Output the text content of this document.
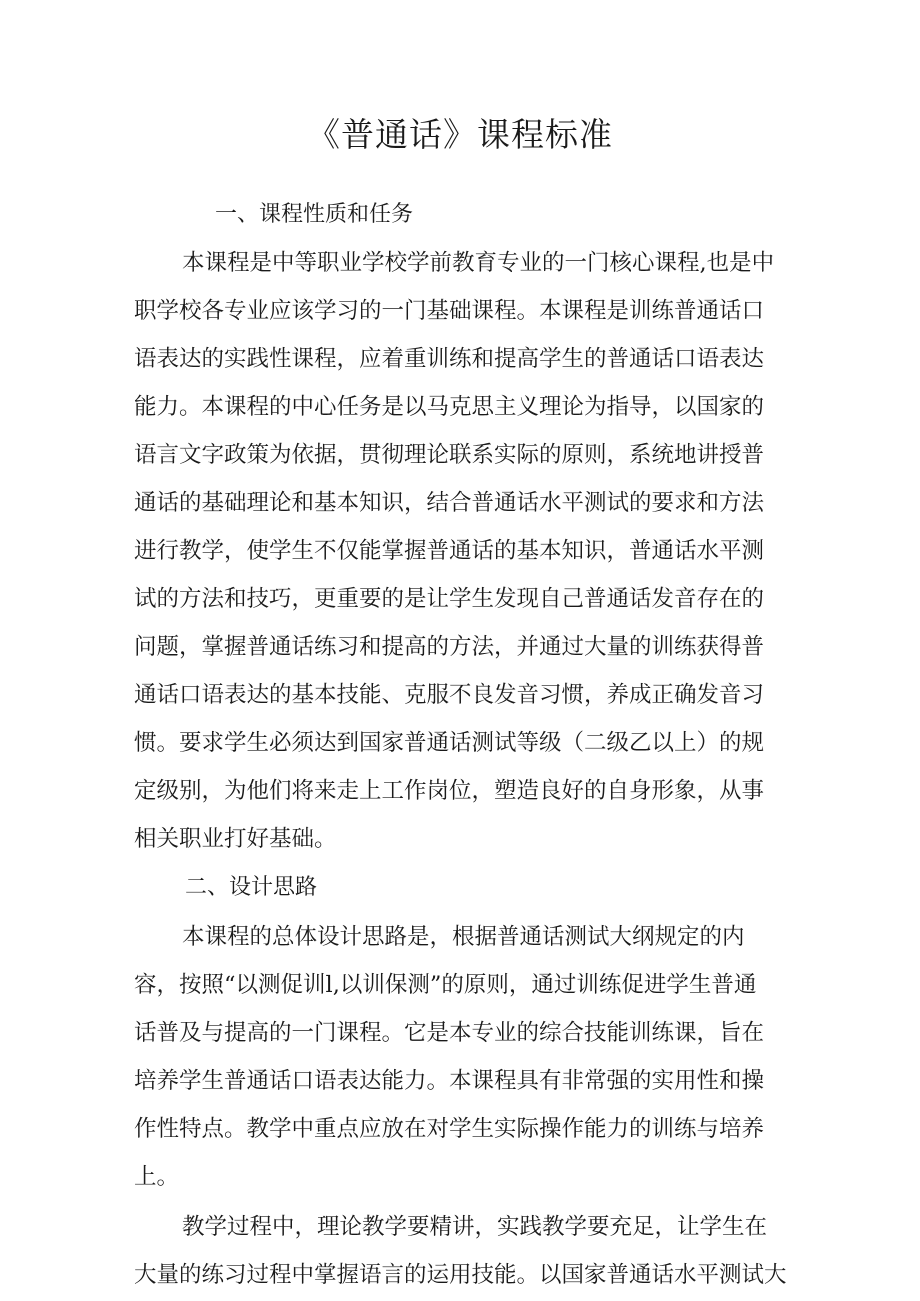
《普通话》课程标准
一、课程性质和任务
本课程是中等职业学校学前教育专业的一门核心课程,也是中
职学校各专业应该学习的一门基础课程。本课程是训练普通话口
语表达的实践性课程，应着重训练和提高学生的普通话口语表达
能力。本课程的中心任务是以马克思主义理论为指导，以国家的
语言文字政策为依据，贯彻理论联系实际的原则，系统地讲授普
通话的基础理论和基本知识，结合普通话水平测试的要求和方法
进行教学，使学生不仅能掌握普通话的基本知识，普通话水平测
试的方法和技巧，更重要的是让学生发现自己普通话发音存在的
问题，掌握普通话练习和提高的方法，并通过大量的训练获得普
通话口语表达的基本技能、克服不良发音习惯，养成正确发音习
惯。要求学生必须达到国家普通话测试等级（二级乙以上）的规
定级别，为他们将来走上工作岗位，塑造良好的自身形象，从事
相关职业打好基础。
二、设计思路
本课程的总体设计思路是，根据普通话测试大纲规定的内
容，按照“以测促训l,以训保测”的原则，通过训练促进学生普通
话普及与提高的一门课程。它是本专业的综合技能训练课，旨在
培养学生普通话口语表达能力。本课程具有非常强的实用性和操
作性特点。教学中重点应放在对学生实际操作能力的训练与培养
上。
教学过程中，理论教学要精讲，实践教学要充足，让学生在
大量的练习过程中掌握语言的运用技能。以国家普通话水平测试大
